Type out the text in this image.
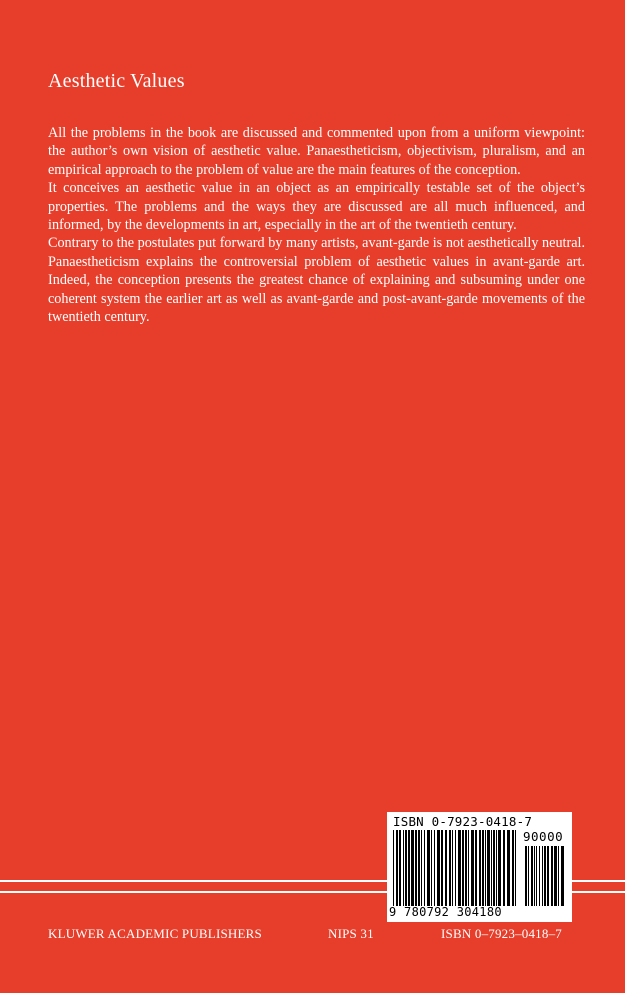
Aesthetic Values

All the problems in the book are discussed and commented upon from a uniform viewpoint: the author’s own vision of aesthetic value. Panaestheticism, objectivism, pluralism, and an empirical approach to the problem of value are the main features of the conception.

It conceives an aesthetic value in an object as an empirically testable set of the object’s properties. The problems and the ways they are discussed are all much influenced, and informed, by the developments in art, especially in the art of the twentieth century.

Contrary to the postulates put forward by many artists, avant-garde is not aesthetically neutral. Panaestheticism explains the controversial problem of aesthetic values in avant-garde art. Indeed, the conception presents the greatest chance of explaining and subsuming under one coherent system the earlier art as well as avant-garde and post-avant-garde movements of the twentieth century.

ISBN 0-7923-0418-7
90000
9 780792 304180
KLUWER ACADEMIC PUBLISHERS	NIPS 31	ISBN 0–7923–0418–7
